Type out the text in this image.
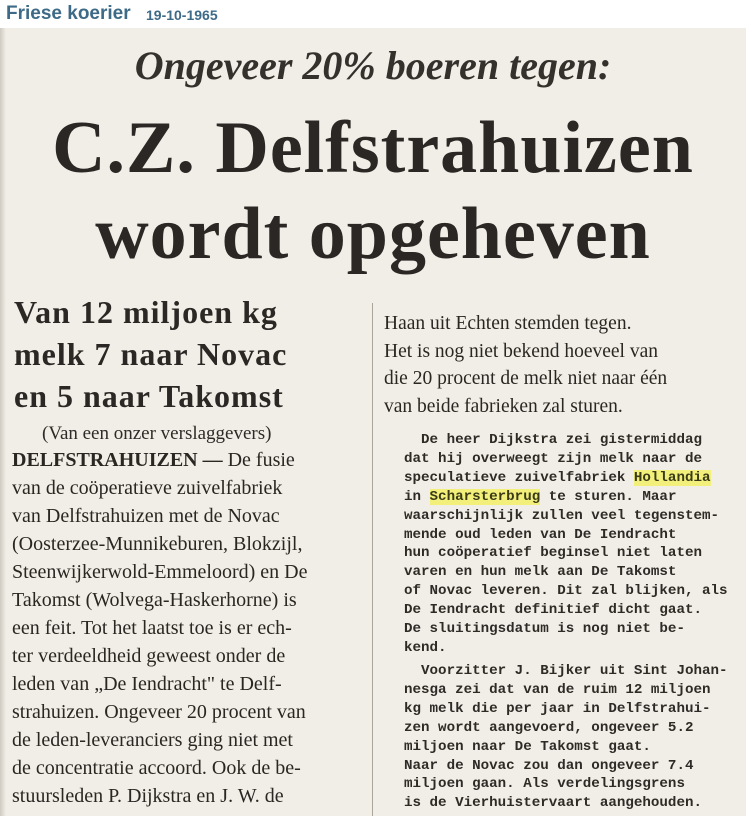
Friese koerier 19-10-1965
Ongeveer 20% boeren tegen:
C.Z. Delfstrahuizen
wordt opgeheven
Van 12 miljoen kg
melk 7 naar Novac
en 5 naar Takomst
(Van een onzer verslaggevers)
DELFSTRAHUIZEN — De fusie
van de coöperatieve zuivelfabriek
van Delfstrahuizen met de Novac
(Oosterzee-Munnikeburen, Blokzijl,
Steenwijkerwold-Emmeloord) en De
Takomst (Wolvega-Haskerhorne) is
een feit. Tot het laatst toe is er ech-
ter verdeeldheid geweest onder de
leden van „De Iendracht" te Delf-
strahuizen. Ongeveer 20 procent van
de leden-leveranciers ging niet met
de concentratie accoord. Ook de be-
stuursleden P. Dijkstra en J. W. de
Haan uit Echten stemden tegen.
Het is nog niet bekend hoeveel van
die 20 procent de melk niet naar één
van beide fabrieken zal sturen.
De heer Dijkstra zei gistermiddag
dat hij overweegt zijn melk naar de
speculatieve zuivelfabriek Hollandia
in Scharsterbrug te sturen. Maar
waarschijnlijk zullen veel tegenstem-
mende oud leden van De Iendracht
hun coöperatief beginsel niet laten
varen en hun melk aan De Takomst
of Novac leveren. Dit zal blijken, als
De Iendracht definitief dicht gaat.
De sluitingsdatum is nog niet be-
kend.
Voorzitter J. Bijker uit Sint Johan-
nesga zei dat van de ruim 12 miljoen
kg melk die per jaar in Delfstrahui-
zen wordt aangevoerd, ongeveer 5.2
miljoen naar De Takomst gaat.
Naar de Novac zou dan ongeveer 7.4
miljoen gaan. Als verdelingsgrens
is de Vierhuistervaart aangehouden.
